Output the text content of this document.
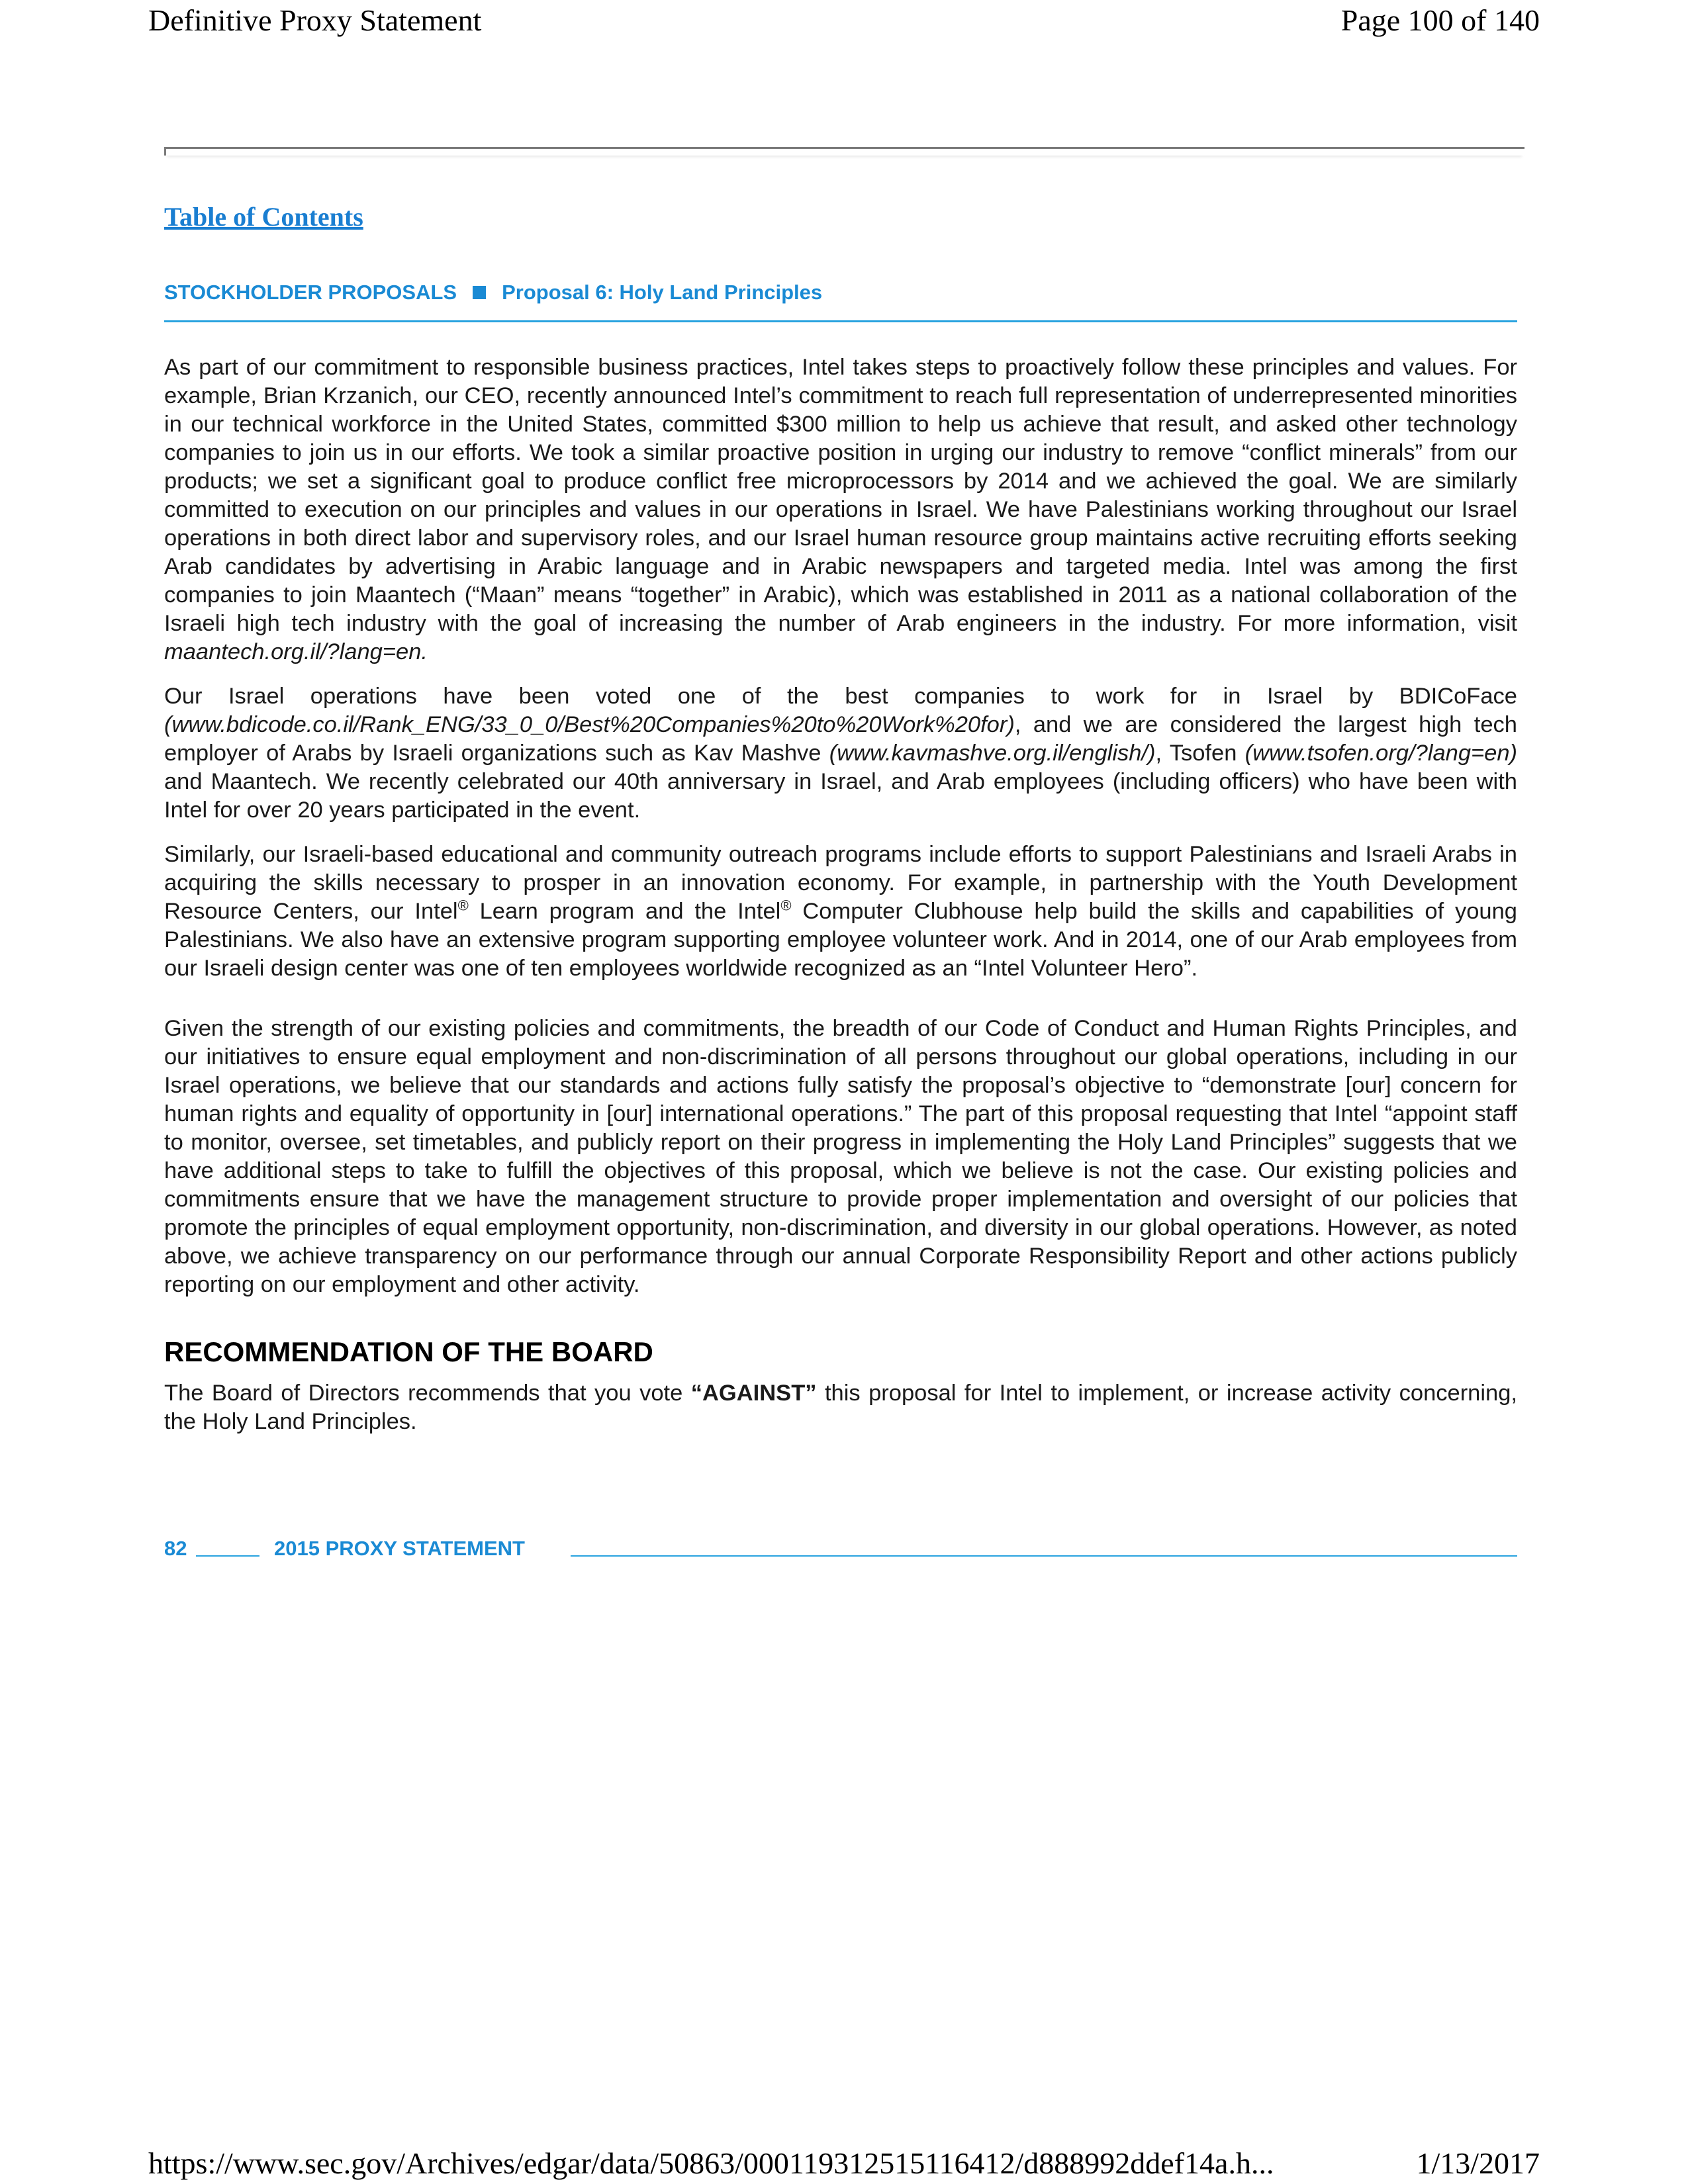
Definitive Proxy Statement	Page 100 of 140
Table of Contents
STOCKHOLDER PROPOSALS Proposal 6: Holy Land Principles

As part of our commitment to responsible business practices, Intel takes steps to proactively follow these principles and values. For example, Brian Krzanich, our CEO, recently announced Intel’s commitment to reach full representation of underrepresented minorities in our technical workforce in the United States, committed $300 million to help us achieve that result, and asked other technology companies to join us in our efforts. We took a similar proactive position in urging our industry to remove “conflict minerals” from our products; we set a significant goal to produce conflict free microprocessors by 2014 and we achieved the goal. We are similarly committed to execution on our principles and values in our operations in Israel. We have Palestinians working throughout our Israel operations in both direct labor and supervisory roles, and our Israel human resource group maintains active recruiting efforts seeking Arab candidates by advertising in Arabic language and in Arabic newspapers and targeted media. Intel was among the first companies to join Maantech (“Maan” means “together” in Arabic), which was established in 2011 as a national collaboration of the Israeli high tech industry with the goal of increasing the number of Arab engineers in the industry. For more information, visit maantech.org.il/?lang=en.

Our Israel operations have been voted one of the best companies to work for in Israel by BDICoFace (www.bdicode.co.il/Rank_ENG/33_0_0/Best%20Companies%20to%20Work%20for), and we are considered the largest high tech employer of Arabs by Israeli organizations such as Kav Mashve (www.kavmashve.org.il/english/), Tsofen (www.tsofen.org/?lang=en) and Maantech. We recently celebrated our 40th anniversary in Israel, and Arab employees (including officers) who have been with Intel for over 20 years participated in the event.

Similarly, our Israeli-based educational and community outreach programs include efforts to support Palestinians and Israeli Arabs in acquiring the skills necessary to prosper in an innovation economy. For example, in partnership with the Youth Development Resource Centers, our Intel® Learn program and the Intel® Computer Clubhouse help build the skills and capabilities of young Palestinians. We also have an extensive program supporting employee volunteer work. And in 2014, one of our Arab employees from our Israeli design center was one of ten employees worldwide recognized as an “Intel Volunteer Hero”.

Given the strength of our existing policies and commitments, the breadth of our Code of Conduct and Human Rights Principles, and our initiatives to ensure equal employment and non-discrimination of all persons throughout our global operations, including in our Israel operations, we believe that our standards and actions fully satisfy the proposal’s objective to “demonstrate [our] concern for human rights and equality of opportunity in [our] international operations.” The part of this proposal requesting that Intel “appoint staff to monitor, oversee, set timetables, and publicly report on their progress in implementing the Holy Land Principles” suggests that we have additional steps to take to fulfill the objectives of this proposal, which we believe is not the case. Our existing policies and commitments ensure that we have the management structure to provide proper implementation and oversight of our policies that promote the principles of equal employment opportunity, non-discrimination, and diversity in our global operations. However, as noted above, we achieve transparency on our performance through our annual Corporate Responsibility Report and other actions publicly reporting on our employment and other activity.

RECOMMENDATION OF THE BOARD

The Board of Directors recommends that you vote “AGAINST” this proposal for Intel to implement, or increase activity concerning, the Holy Land Principles.

82	2015 PROXY STATEMENT
https://www.sec.gov/Archives/edgar/data/50863/000119312515116412/d888992ddef14a.h...	1/13/2017
